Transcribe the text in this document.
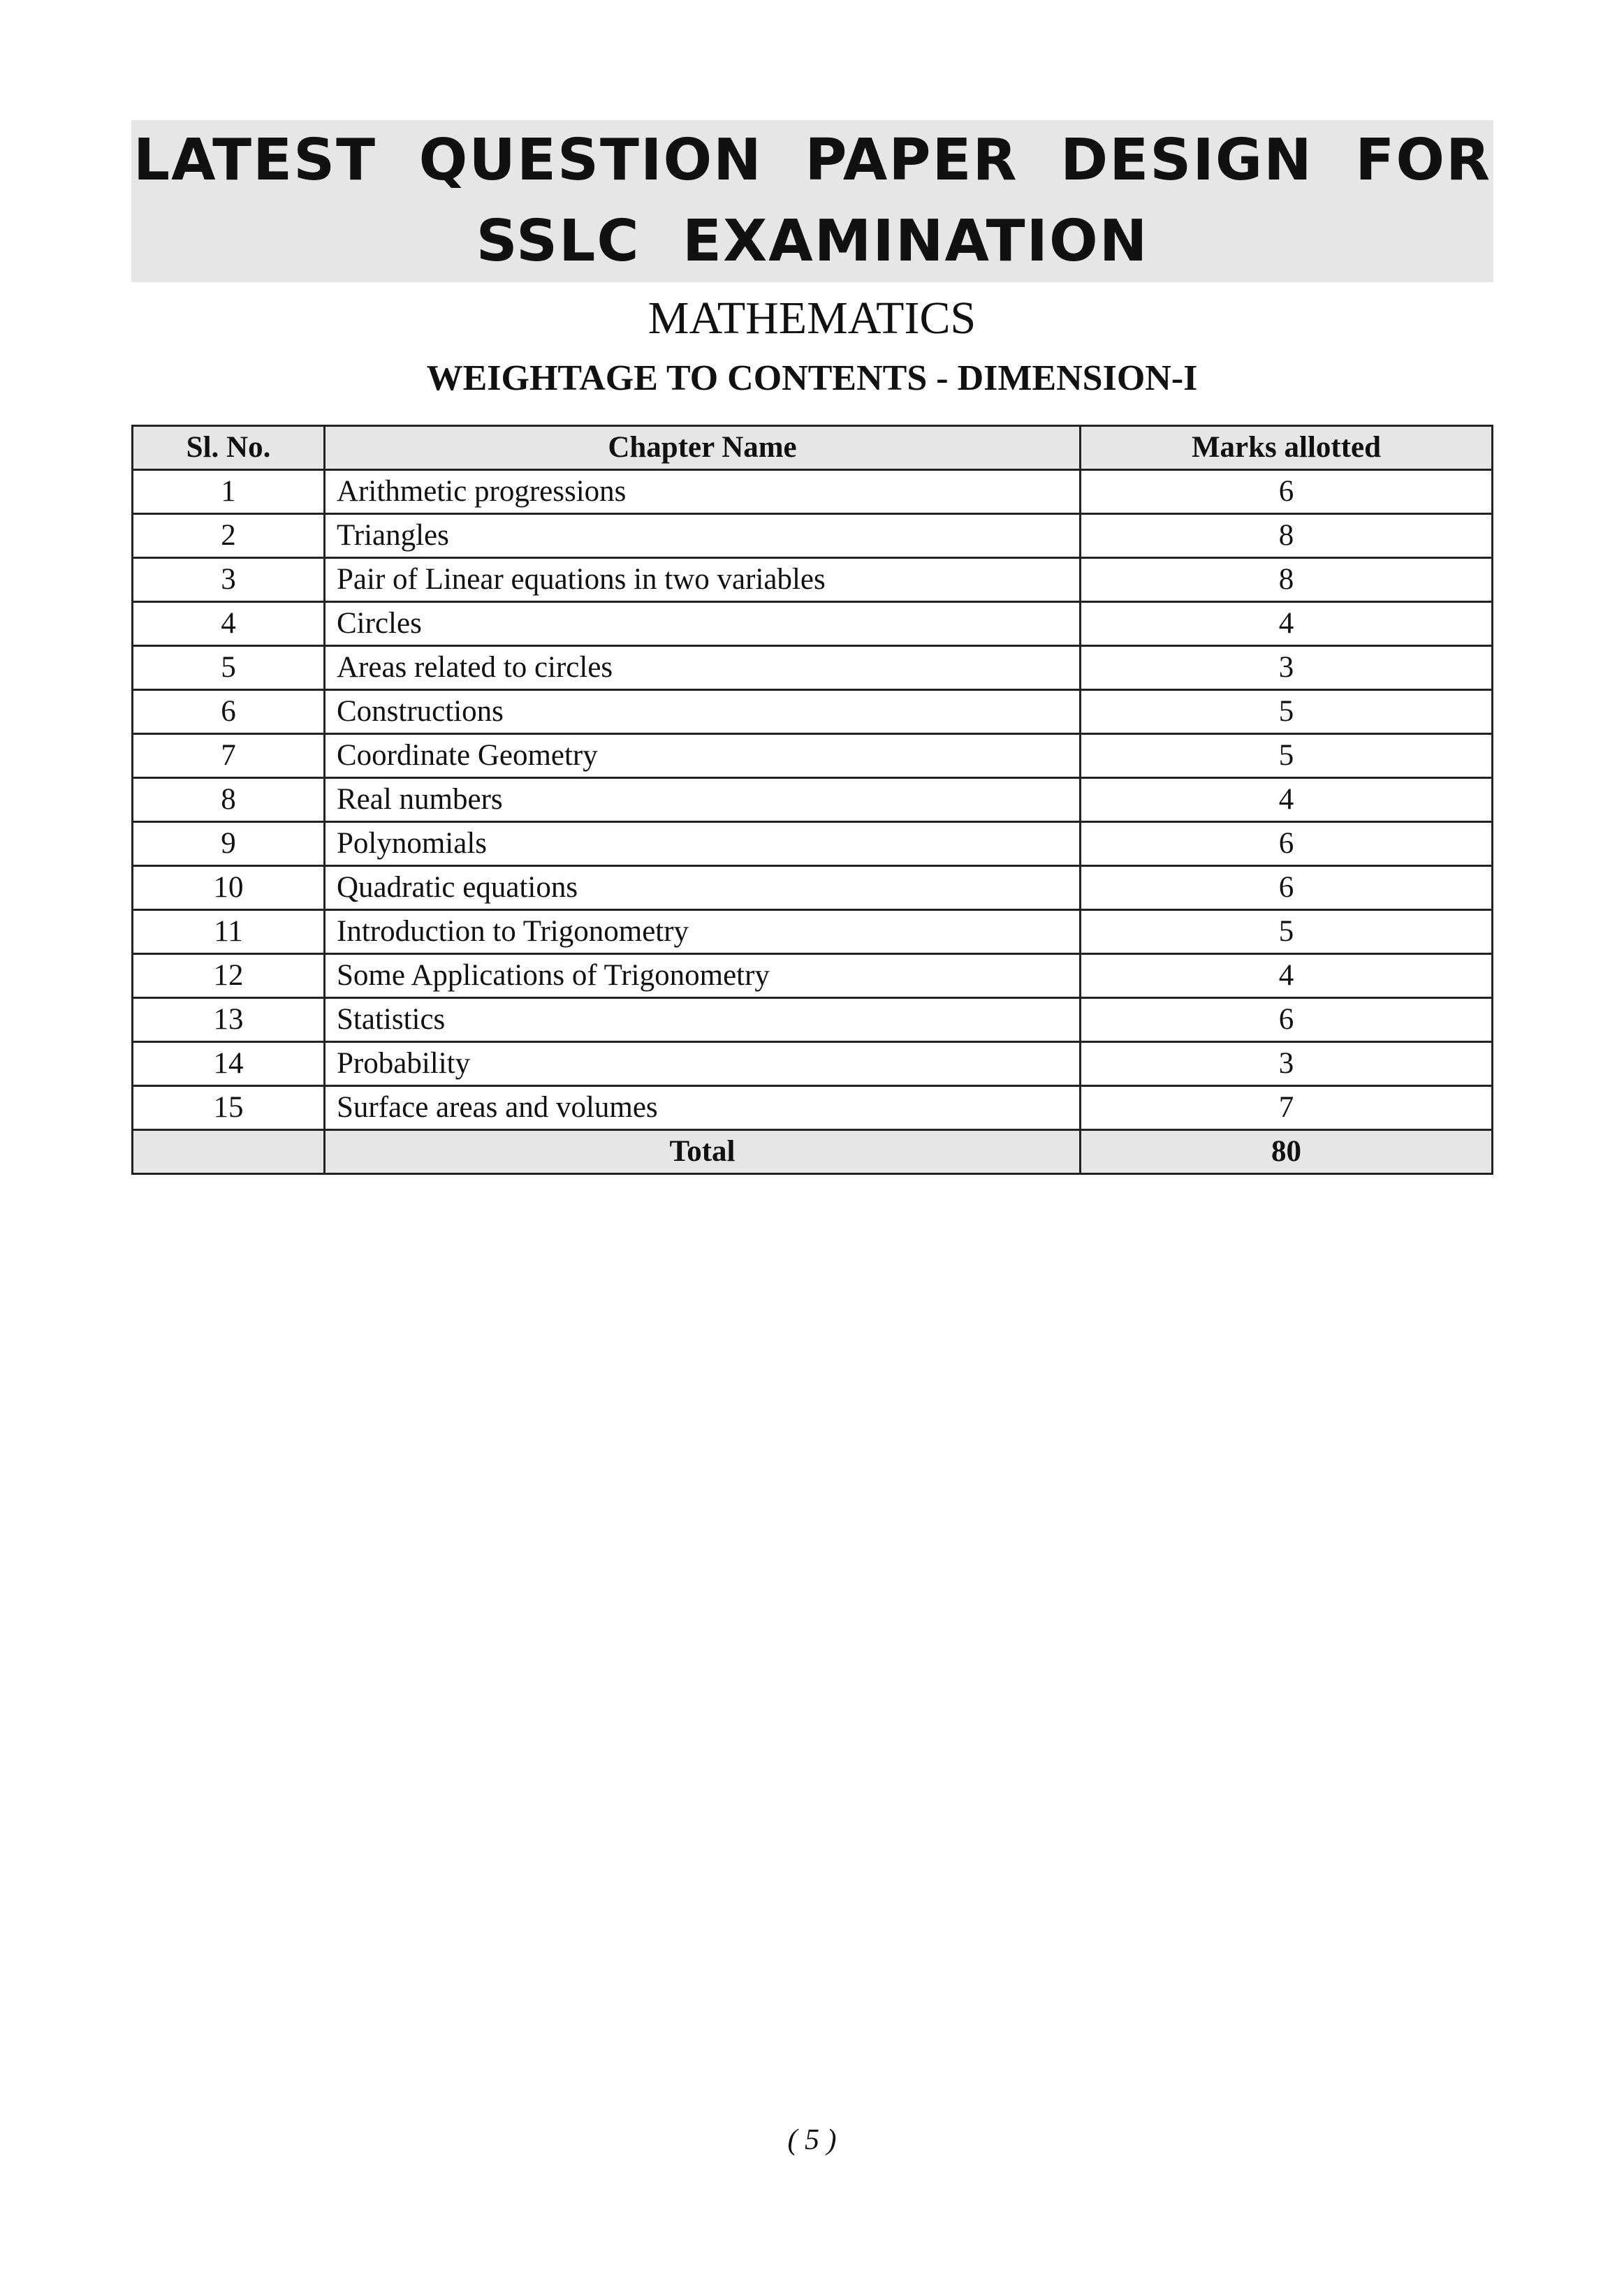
LATEST QUESTION PAPER DESIGN FOR
SSLC EXAMINATION
MATHEMATICS
WEIGHTAGE TO CONTENTS - DIMENSION-I
Sl. No.	Chapter Name	Marks allotted
1	Arithmetic progressions	6
2	Triangles	8
3	Pair of Linear equations in two variables	8
4	Circles	4
5	Areas related to circles	3
6	Constructions	5
7	Coordinate Geometry	5
8	Real numbers	4
9	Polynomials	6
10	Quadratic equations	6
11	Introduction to Trigonometry	5
12	Some Applications of Trigonometry	4
13	Statistics	6
14	Probability	3
15	Surface areas and volumes	7
	Total	80
( 5 )
